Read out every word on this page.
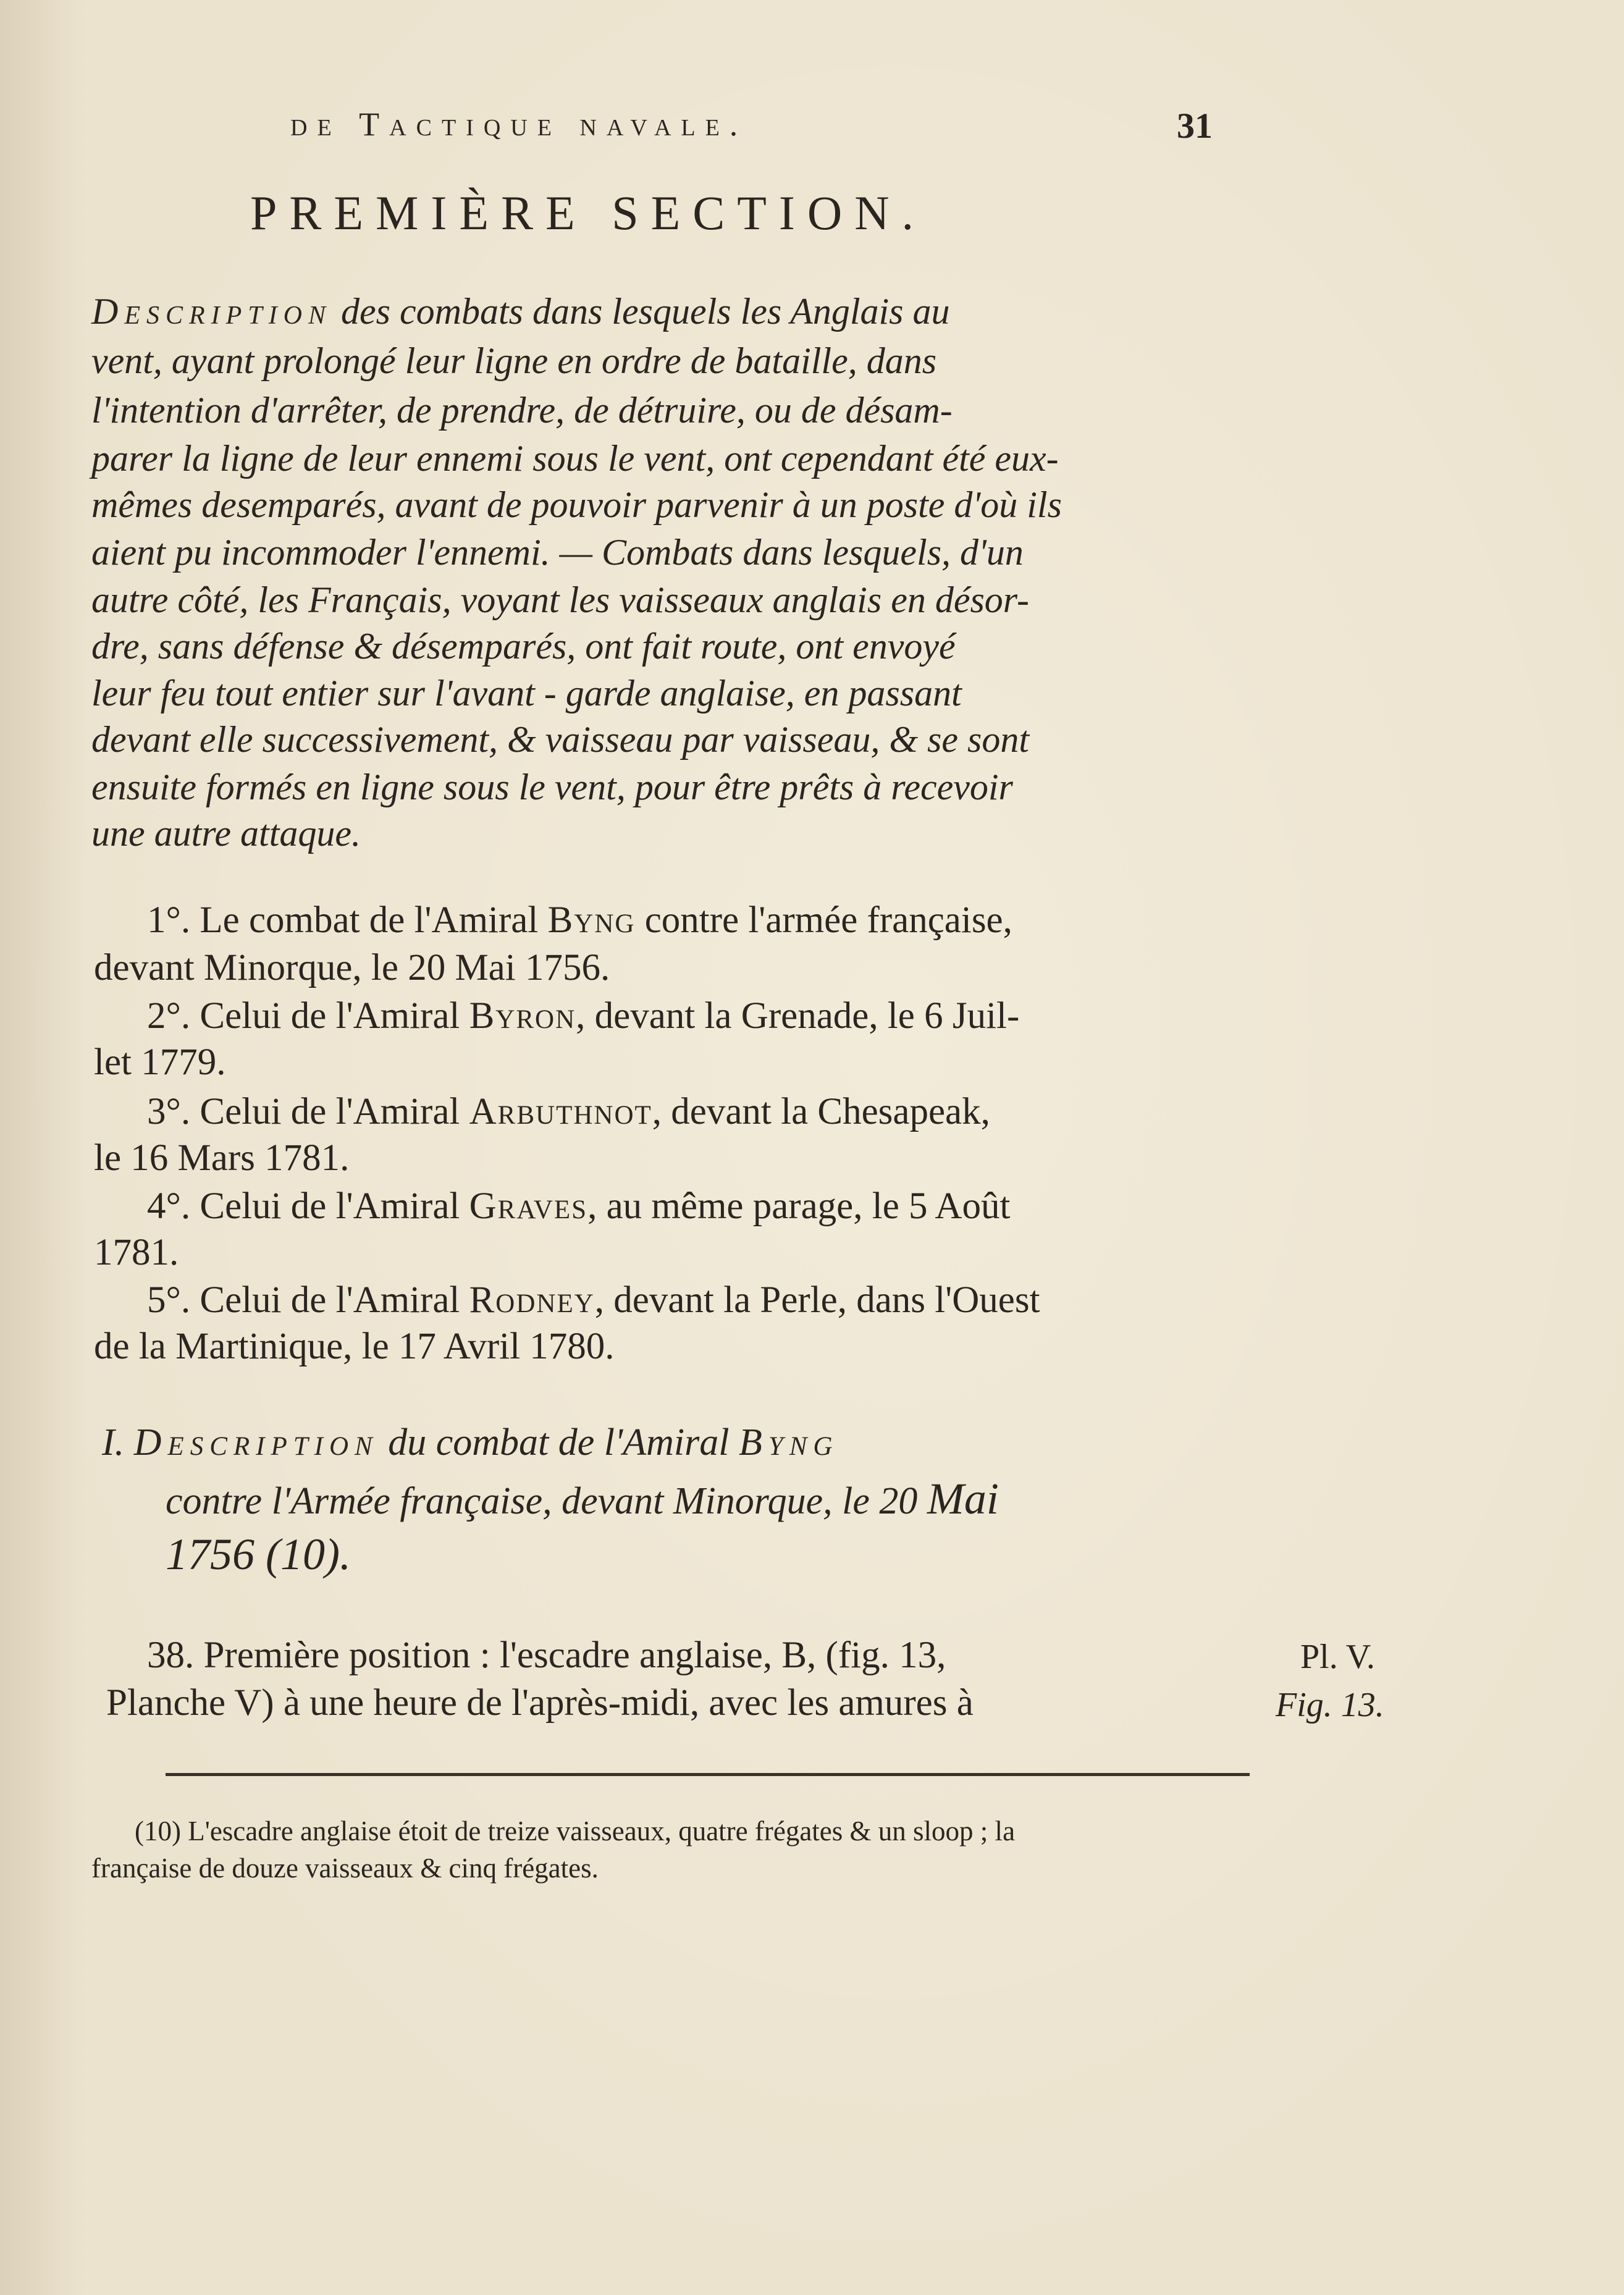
de Tactique navale.	31
PREMIÈRE SECTION.
Description des combats dans lesquels les Anglais au
vent, ayant prolongé leur ligne en ordre de bataille, dans
l'intention d'arrêter, de prendre, de détruire, ou de désam-
parer la ligne de leur ennemi sous le vent, ont cependant été eux-
mêmes desemparés, avant de pouvoir parvenir à un poste d'où ils
aient pu incommoder l'ennemi. — Combats dans lesquels, d'un
autre côté, les Français, voyant les vaisseaux anglais en désor-
dre, sans défense & désemparés, ont fait route, ont envoyé
leur feu tout entier sur l'avant - garde anglaise, en passant
devant elle successivement, & vaisseau par vaisseau, & se sont
ensuite formés en ligne sous le vent, pour être prêts à recevoir
une autre attaque.
1°. Le combat de l'Amiral Byng contre l'armée française,
devant Minorque, le 20 Mai 1756.
2°. Celui de l'Amiral Byron, devant la Grenade, le 6 Juil-
let 1779.
3°. Celui de l'Amiral Arbuthnot, devant la Chesapeak,
le 16 Mars 1781.
4°. Celui de l'Amiral Graves, au même parage, le 5 Août
1781.
5°. Celui de l'Amiral Rodney, devant la Perle, dans l'Ouest
de la Martinique, le 17 Avril 1780.
I. Description du combat de l'Amiral Byng
contre l'Armée française, devant Minorque, le 20 Mai
1756 (10).
38. Première position : l'escadre anglaise, B, (fig. 13,
Planche V) à une heure de l'après-midi, avec les amures à
Pl. V.
Fig. 13.
(10) L'escadre anglaise étoit de treize vaisseaux, quatre frégates & un sloop ; la
française de douze vaisseaux & cinq frégates.
